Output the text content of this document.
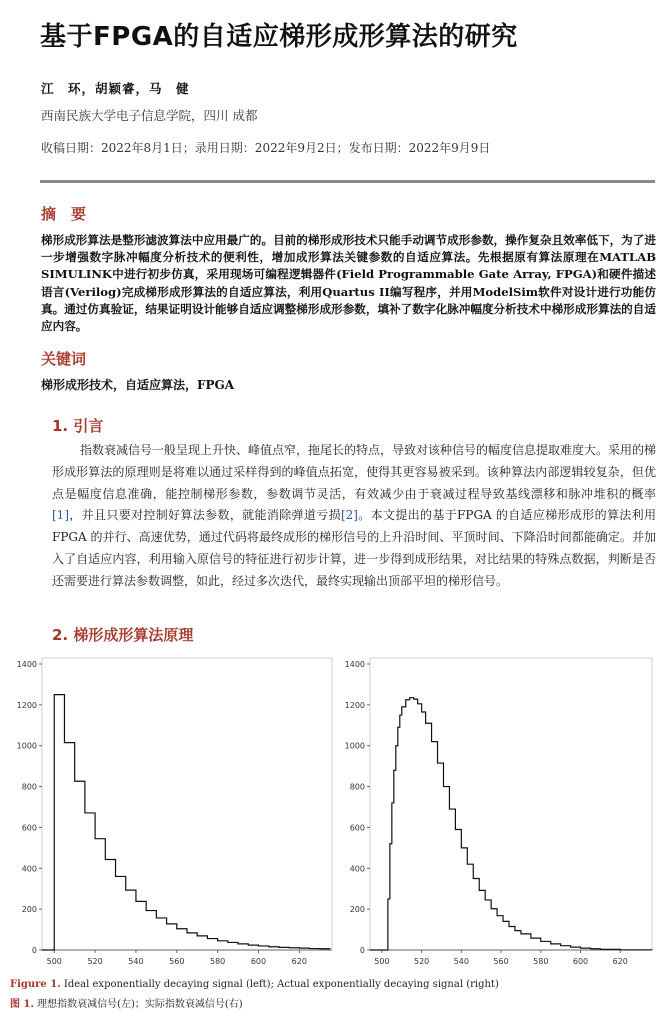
基于FPGA的自适应梯形成形算法的研究
江　环，胡颖睿，马　健
西南民族大学电子信息学院，四川 成都
收稿日期：2022年8月1日；录用日期：2022年9月2日；发布日期：2022年9月9日
摘　要

梯形成形算法是整形滤波算法中应用最广的。目前的梯形成形技术只能手动调节成形参数，操作复杂且效率低下，为了进一步增强数字脉冲幅度分析技术的便利性，增加成形算法关键参数的自适应算法。先根据原有算法原理在MATLAB SIMULINK中进行初步仿真，采用现场可编程逻辑器件(Field Programmable Gate Array, FPGA)和硬件描述语言(Verilog)完成梯形成形算法的自适应算法，利用Quartus II编写程序，并用ModelSim软件对设计进行功能仿真。通过仿真验证，结果证明设计能够自适应调整梯形成形参数，填补了数字化脉冲幅度分析技术中梯形成形算法的自适应内容。

关键词
梯形成形技术，自适应算法，FPGA
1. 引言

指数衰减信号一般呈现上升快、峰值点窄，拖尾长的特点，导致对该种信号的幅度信息提取难度大。采用的梯形成形算法的原理则是将难以通过采样得到的峰值点拓宽，使得其更容易被采到。该种算法内部逻辑较复杂，但优点是幅度信息准确，能控制梯形参数，参数调节灵活，有效减少由于衰减过程导致基线漂移和脉冲堆积的概率[1]，并且只要对控制好算法参数，就能消除弹道亏损[2]。本文提出的基于FPGA 的自适应梯形成形的算法利用 FPGA 的并行、高速优势，通过代码将最终成形的梯形信号的上升沿时间、平顶时间、下降沿时间都能确定。并加入了自适应内容，利用输入原信号的特征进行初步计算，进一步得到成形结果，对比结果的特殊点数据，判断是否还需要进行算法参数调整，如此，经过多次迭代，最终实现输出顶部平坦的梯形信号。

2. 梯形成形算法原理
0
200
400
600
800
1000
1200
1400
500	520	540	560	580	600	620
0
200
400
600
800
1000
1200
1400
500	520	540	560	580	600	620
Figure 1. Ideal exponentially decaying signal (left); Actual exponentially decaying signal (right)
图 1. 理想指数衰减信号(左)；实际指数衰减信号(右)
